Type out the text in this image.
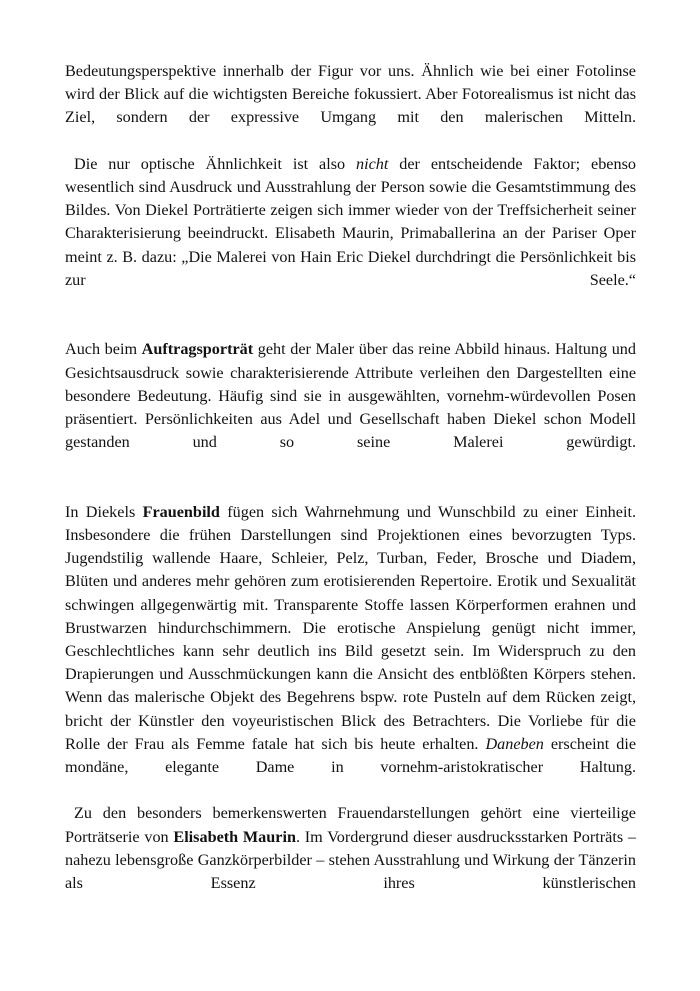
Bedeutungsperspektive innerhalb der Figur vor uns. Ähnlich wie bei einer Fotolinse wird der Blick auf die wichtigsten Bereiche fokussiert. Aber Fotorealismus ist nicht das Ziel, sondern der expressive Umgang mit den malerischen Mitteln.

Die nur optische Ähnlichkeit ist also nicht der entscheidende Faktor; ebenso wesentlich sind Ausdruck und Ausstrahlung der Person sowie die Gesamtstimmung des Bildes. Von Diekel Porträtierte zeigen sich immer wieder von der Treffsicherheit seiner Charakterisierung beeindruckt. Elisabeth Maurin, Primaballerina an der Pariser Oper meint z. B. dazu: „Die Malerei von Hain Eric Diekel durchdringt die Persönlichkeit bis zur Seele.“

Auch beim Auftragsporträt geht der Maler über das reine Abbild hinaus. Haltung und Gesichtsausdruck sowie charakterisierende Attribute verleihen den Dargestellten eine besondere Bedeutung. Häufig sind sie in ausgewählten, vornehm-würdevollen Posen präsentiert. Persönlichkeiten aus Adel und Gesellschaft haben Diekel schon Modell gestanden und so seine Malerei gewürdigt.

In Diekels Frauenbild fügen sich Wahrnehmung und Wunschbild zu einer Einheit. Insbesondere die frühen Darstellungen sind Projektionen eines bevorzugten Typs. Jugendstilig wallende Haare, Schleier, Pelz, Turban, Feder, Brosche und Diadem, Blüten und anderes mehr gehören zum erotisierenden Repertoire. Erotik und Sexualität schwingen allgegenwärtig mit. Transparente Stoffe lassen Körperformen erahnen und Brustwarzen hindurchschimmern. Die erotische Anspielung genügt nicht immer, Geschlechtliches kann sehr deutlich ins Bild gesetzt sein. Im Widerspruch zu den Drapierungen und Ausschmückungen kann die Ansicht des entblößten Körpers stehen. Wenn das malerische Objekt des Begehrens bspw. rote Pusteln auf dem Rücken zeigt, bricht der Künstler den voyeuristischen Blick des Betrachters. Die Vorliebe für die Rolle der Frau als Femme fatale hat sich bis heute erhalten. Daneben erscheint die mondäne, elegante Dame in vornehm-aristokratischer Haltung.

Zu den besonders bemerkenswerten Frauendarstellungen gehört eine vierteilige Porträtserie von Elisabeth Maurin. Im Vordergrund dieser ausdrucksstarken Porträts – nahezu lebensgroße Ganzkörperbilder – stehen Ausstrahlung und Wirkung der Tänzerin als Essenz ihres künstlerischen
